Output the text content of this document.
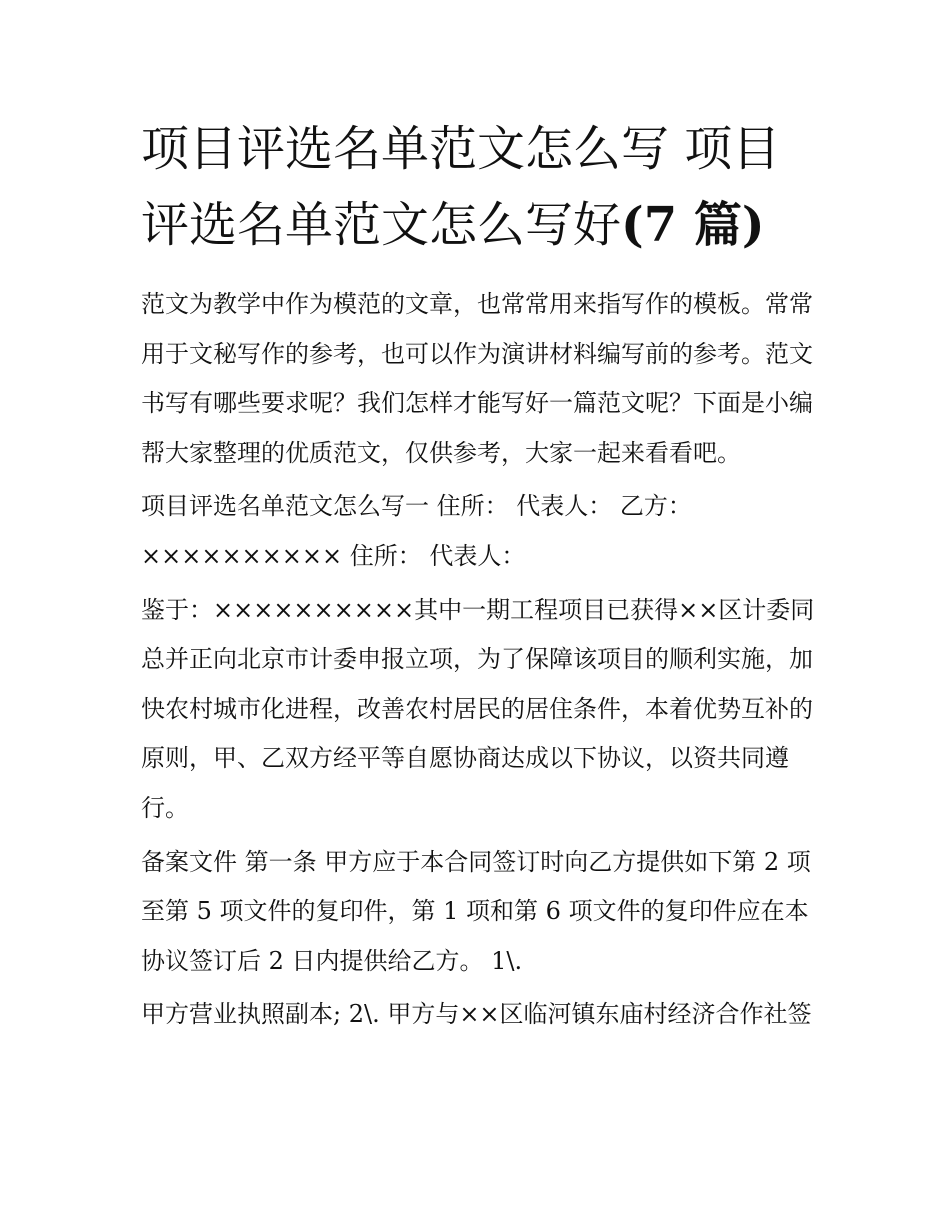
项目评选名单范文怎么写 项目评选名单范文怎么写好(7 篇)

范文为教学中作为模范的文章，也常常用来指写作的模板。常常用于文秘写作的参考，也可以作为演讲材料编写前的参考。范文书写有哪些要求呢？我们怎样才能写好一篇范文呢？下面是小编帮大家整理的优质范文，仅供参考，大家一起来看看吧。

项目评选名单范文怎么写一 住所： 代表人： 乙方：×××××××××× 住所： 代表人：

鉴于：××××××××××其中一期工程项目已获得××区计委同总并正向北京市计委申报立项，为了保障该项目的顺利实施，加快农村城市化进程，改善农村居民的居住条件，本着优势互补的原则，甲、乙双方经平等自愿协商达成以下协议，以资共同遵行。

备案文件 第一条 甲方应于本合同签订时向乙方提供如下第 2 项至第 5 项文件的复印件，第 1 项和第 6 项文件的复印件应在本协议签订后 2 日内提供给乙方。 1\.

甲方营业执照副本; 2\. 甲方与××区临河镇东庙村经济合作社签
